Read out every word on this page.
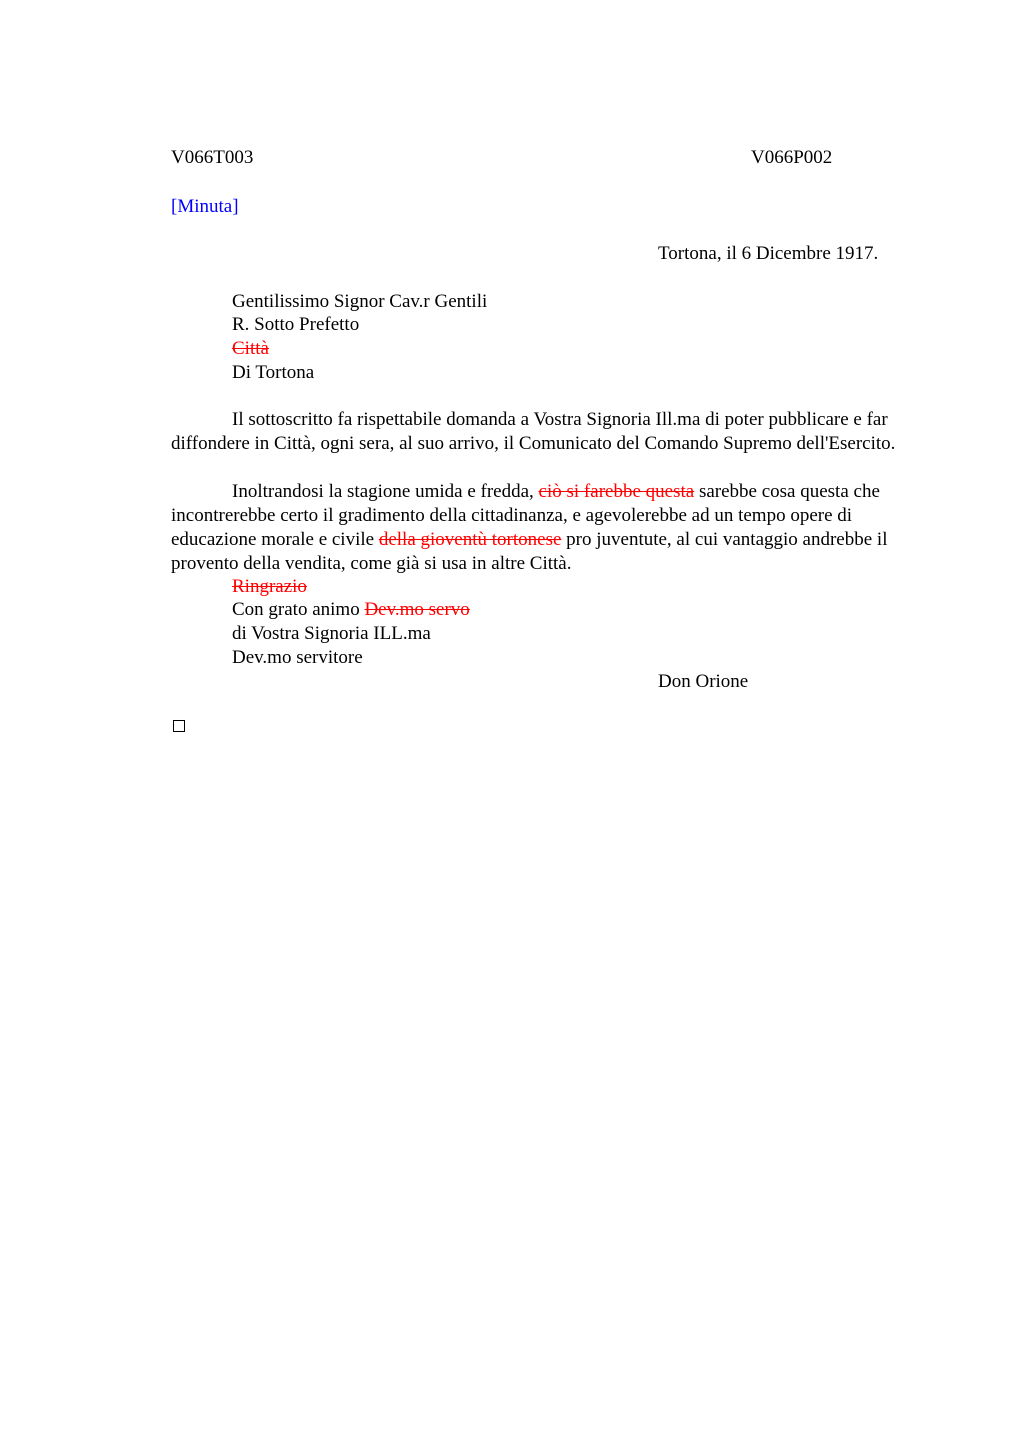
V066T003	V066P002
[Minuta]
Tortona, il 6 Dicembre 1917.
Gentilissimo Signor Cav.r Gentili
R. Sotto Prefetto
Città
Di Tortona
Il sottoscritto fa rispettabile domanda a Vostra Signoria Ill.ma di poter pubblicare e far diffondere in Città, ogni sera, al suo arrivo, il Comunicato del Comando Supremo dell'Esercito.
Inoltrandosi la stagione umida e fredda, ciò si farebbe questa sarebbe cosa questa che incontrerebbe certo il gradimento della cittadinanza, e agevolerebbe ad un tempo opere di educazione morale e civile della gioventù tortonese pro juventute, al cui vantaggio andrebbe il provento della vendita, come già si usa in altre Città.
Ringrazio
Con grato animo Dev.mo servo
di Vostra Signoria ILL.ma
Dev.mo servitore
Don Orione
